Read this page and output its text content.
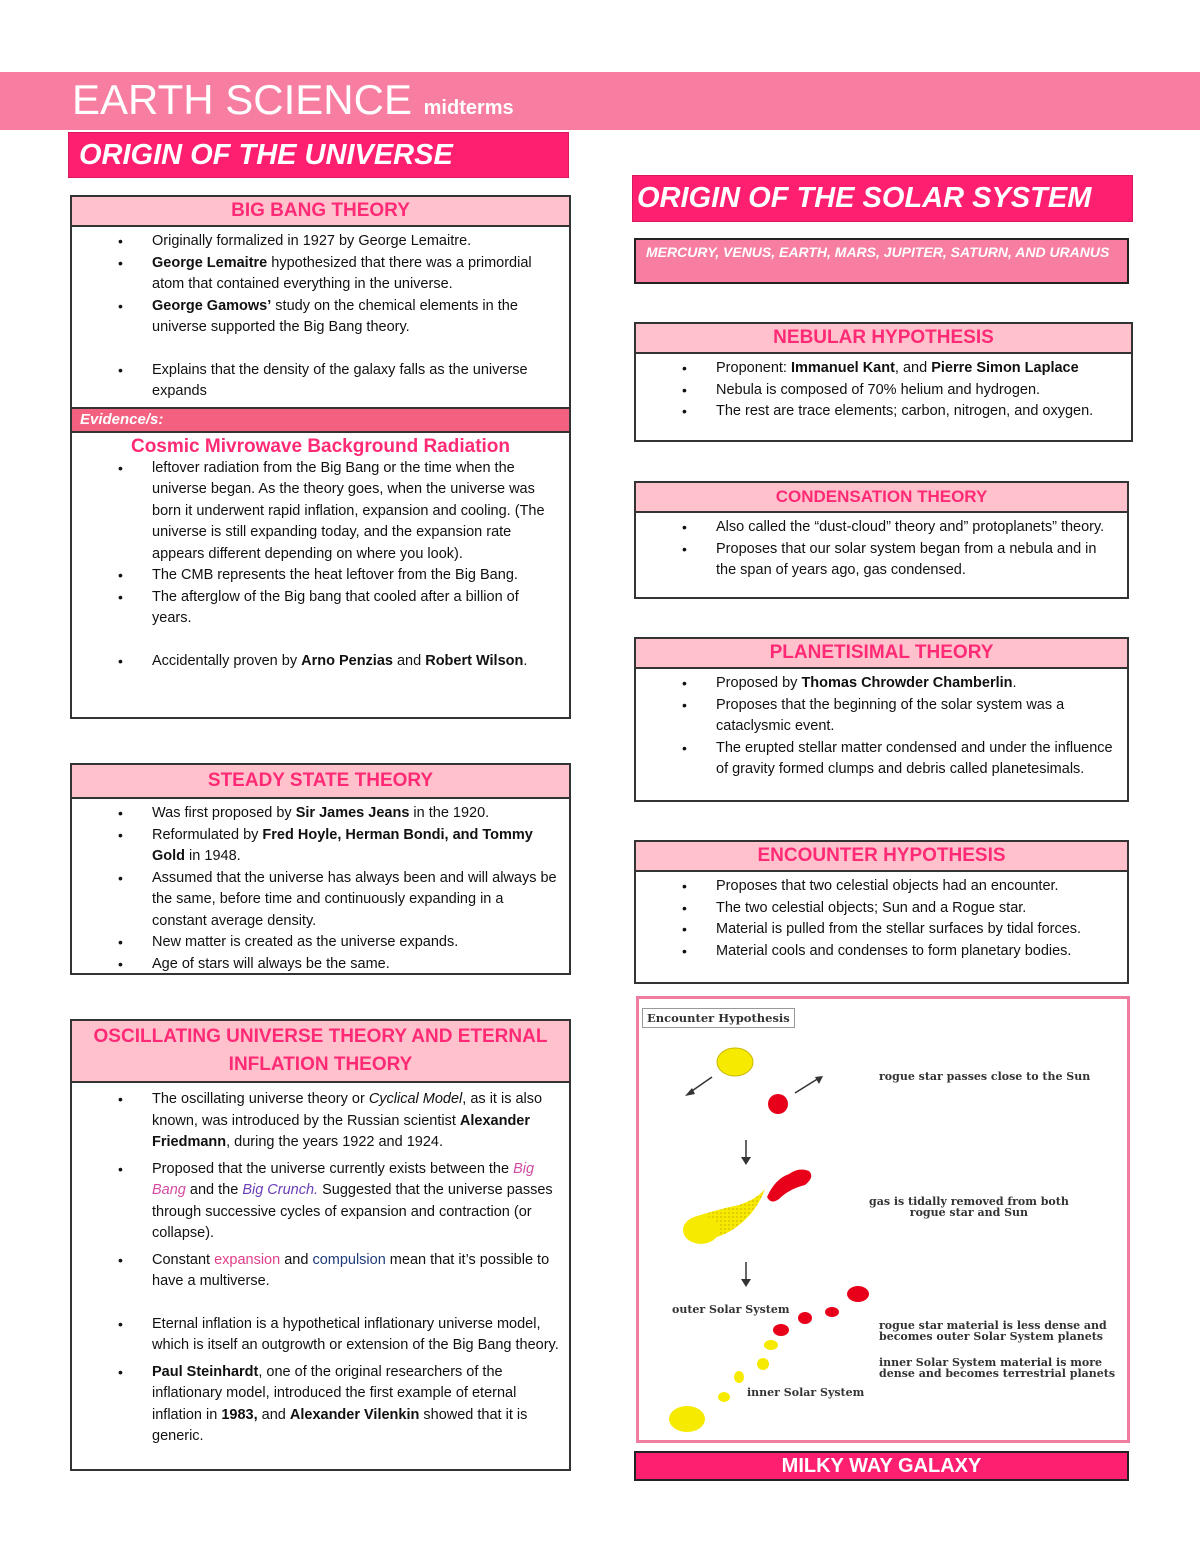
EARTH SCIENCE midterms
ORIGIN OF THE UNIVERSE
BIG BANG THEORY
• Originally formalized in 1927 by George Lemaitre.
• George Lemaitre hypothesized that there was a primordial atom that contained everything in the universe.
• George Gamows’ study on the chemical elements in the universe supported the Big Bang theory.
• Explains that the density of the galaxy falls as the universe expands
Evidence/s:
Cosmic Mivrowave Background Radiation
• leftover radiation from the Big Bang or the time when the universe began. As the theory goes, when the universe was born it underwent rapid inflation, expansion and cooling. (The universe is still expanding today, and the expansion rate appears different depending on where you look).
• The CMB represents the heat leftover from the Big Bang.
• The afterglow of the Big bang that cooled after a billion of years.
• Accidentally proven by Arno Penzias and Robert Wilson.
STEADY STATE THEORY
• Was first proposed by Sir James Jeans in the 1920.
• Reformulated by Fred Hoyle, Herman Bondi, and Tommy Gold in 1948.
• Assumed that the universe has always been and will always be the same, before time and continuously expanding in a constant average density.
• New matter is created as the universe expands.
• Age of stars will always be the same.
OSCILLATING UNIVERSE THEORY AND ETERNAL INFLATION THEORY
• The oscillating universe theory or Cyclical Model, as it is also known, was introduced by the Russian scientist Alexander Friedmann, during the years 1922 and 1924.
• Proposed that the universe currently exists between the Big Bang and the Big Crunch. Suggested that the universe passes through successive cycles of expansion and contraction (or collapse).
• Constant expansion and compulsion mean that it’s possible to have a multiverse.
• Eternal inflation is a hypothetical inflationary universe model, which is itself an outgrowth or extension of the Big Bang theory.
• Paul Steinhardt, one of the original researchers of the inflationary model, introduced the first example of eternal inflation in 1983, and Alexander Vilenkin showed that it is generic.
ORIGIN OF THE SOLAR SYSTEM
MERCURY, VENUS, EARTH, MARS, JUPITER, SATURN, AND URANUS
NEBULAR HYPOTHESIS
• Proponent: Immanuel Kant, and Pierre Simon Laplace
• Nebula is composed of 70% helium and hydrogen.
• The rest are trace elements; carbon, nitrogen, and oxygen.
CONDENSATION THEORY
• Also called the “dust-cloud” theory and” protoplanets” theory.
• Proposes that our solar system began from a nebula and in the span of years ago, gas condensed.
PLANETISIMAL THEORY
• Proposed by Thomas Chrowder Chamberlin.
• Proposes that the beginning of the solar system was a cataclysmic event.
• The erupted stellar matter condensed and under the influence of gravity formed clumps and debris called planetesimals.
ENCOUNTER HYPOTHESIS
• Proposes that two celestial objects had an encounter.
• The two celestial objects; Sun and a Rogue star.
• Material is pulled from the stellar surfaces by tidal forces.
• Material cools and condenses to form planetary bodies.
Encounter Hypothesis
rogue star passes close to the Sun
gas is tidally removed from both
rogue star and Sun
outer Solar System
rogue star material is less dense and
becomes outer Solar System planets
inner Solar System material is more
dense and becomes terrestrial planets
inner Solar System
MILKY WAY GALAXY
